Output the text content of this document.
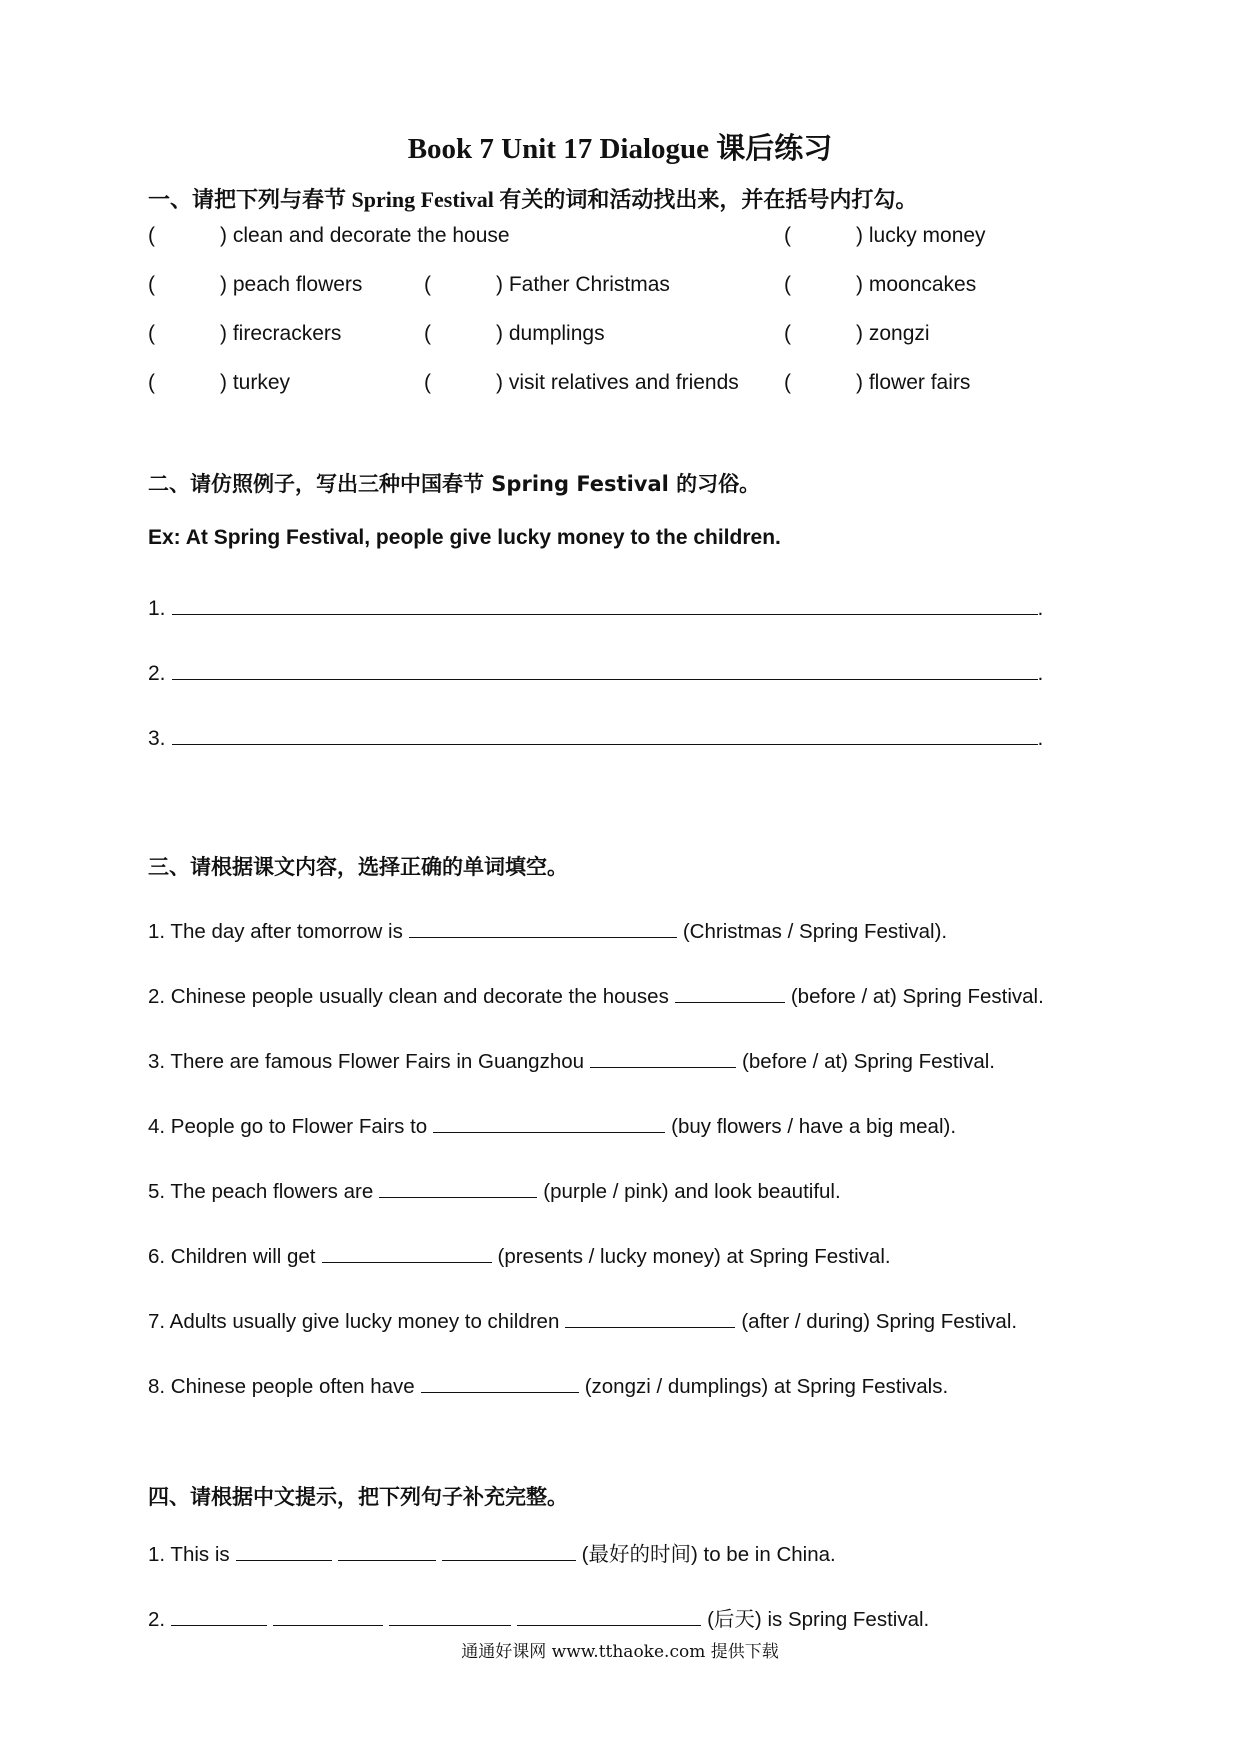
Book 7 Unit 17 Dialogue 课后练习
一、请把下列与春节 Spring Festival 有关的词和活动找出来，并在括号内打勾。
(	) clean and decorate the house	(	) lucky money
(	) peach flowers	(	) Father Christmas	(	) mooncakes
(	) firecrackers	(	) dumplings	(	) zongzi
(	) turkey	(	) visit relatives and friends (	) flower fairs
二、请仿照例子，写出三种中国春节 Spring Festival 的习俗。
Ex: At Spring Festival, people give lucky money to the children.
1.	.
2.	.
3.	.
三、请根据课文内容，选择正确的单词填空。
1. The day after tomorrow is	(Christmas / Spring Festival).
2. Chinese people usually clean and decorate the houses	(before / at) Spring Festival.
3. There are famous Flower Fairs in Guangzhou	(before / at) Spring Festival.
4. People go to Flower Fairs to	(buy flowers / have a big meal).
5. The peach flowers are	(purple / pink) and look beautiful.
6. Children will get	(presents / lucky money) at Spring Festival.
7. Adults usually give lucky money to children	(after / during) Spring Festival.
8. Chinese people often have	(zongzi / dumplings) at Spring Festivals.
四、请根据中文提示，把下列句子补充完整。
1. This is	(最好的时间) to be in China.
2.	(后天) is Spring Festival.
通通好课网 www.tthaoke.com 提供下载
